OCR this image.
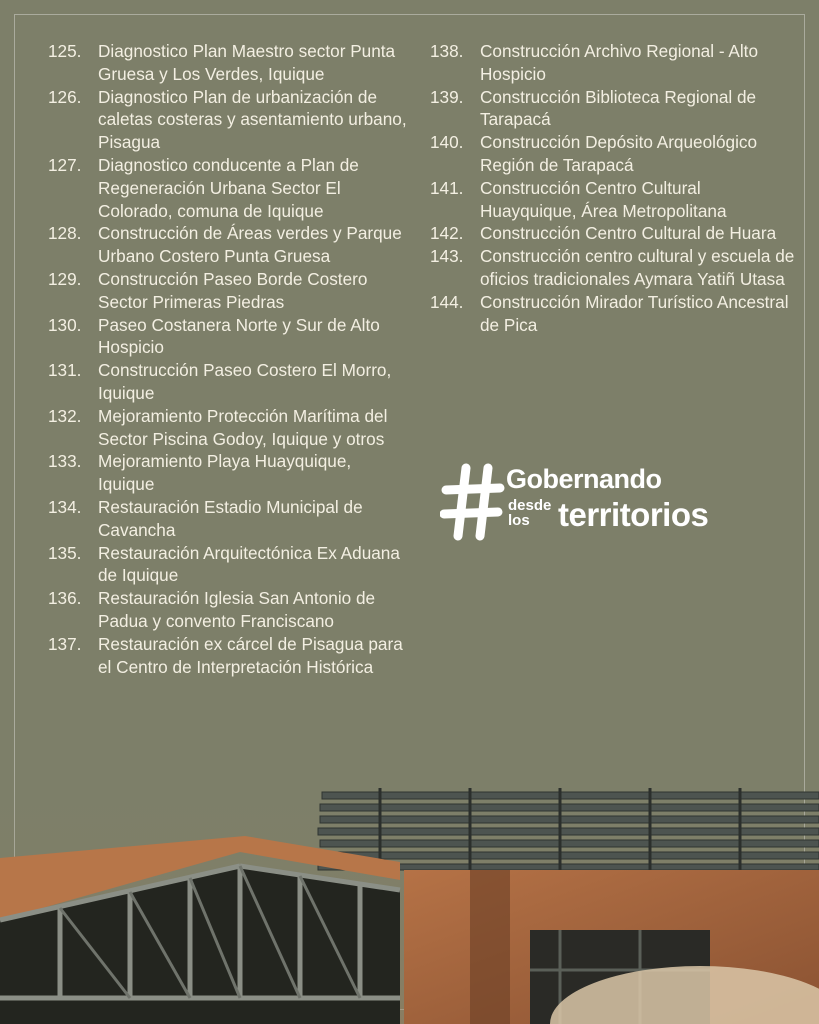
125. Diagnostico Plan Maestro sector Punta Gruesa y Los Verdes, Iquique
126. Diagnostico Plan de urbanización de caletas costeras y asentamiento urbano, Pisagua
127. Diagnostico conducente a Plan de Regeneración Urbana Sector El Colorado, comuna de Iquique
128. Construcción de Áreas verdes y Parque Urbano Costero Punta Gruesa
129. Construcción Paseo Borde Costero Sector Primeras Piedras
130. Paseo Costanera Norte y Sur de Alto Hospicio
131. Construcción Paseo Costero El Morro, Iquique
132. Mejoramiento Protección Marítima del Sector Piscina Godoy, Iquique y otros
133. Mejoramiento Playa Huayquique, Iquique
134. Restauración Estadio Municipal de Cavancha
135. Restauración Arquitectónica Ex Aduana de Iquique
136. Restauración Iglesia San Antonio de Padua y convento Franciscano
137. Restauración ex cárcel de Pisagua para el Centro de Interpretación Histórica
138. Construcción Archivo Regional - Alto Hospicio
139. Construcción Biblioteca Regional de Tarapacá
140. Construcción Depósito Arqueológico Región de Tarapacá
141. Construcción Centro Cultural Huayquique, Área Metropolitana
142. Construcción Centro Cultural de Huara
143. Construcción centro cultural y escuela de oficios tradicionales Aymara Yatiñ Utasa
144. Construcción Mirador Turístico Ancestral de Pica
Gobernando
desde
los territorios
